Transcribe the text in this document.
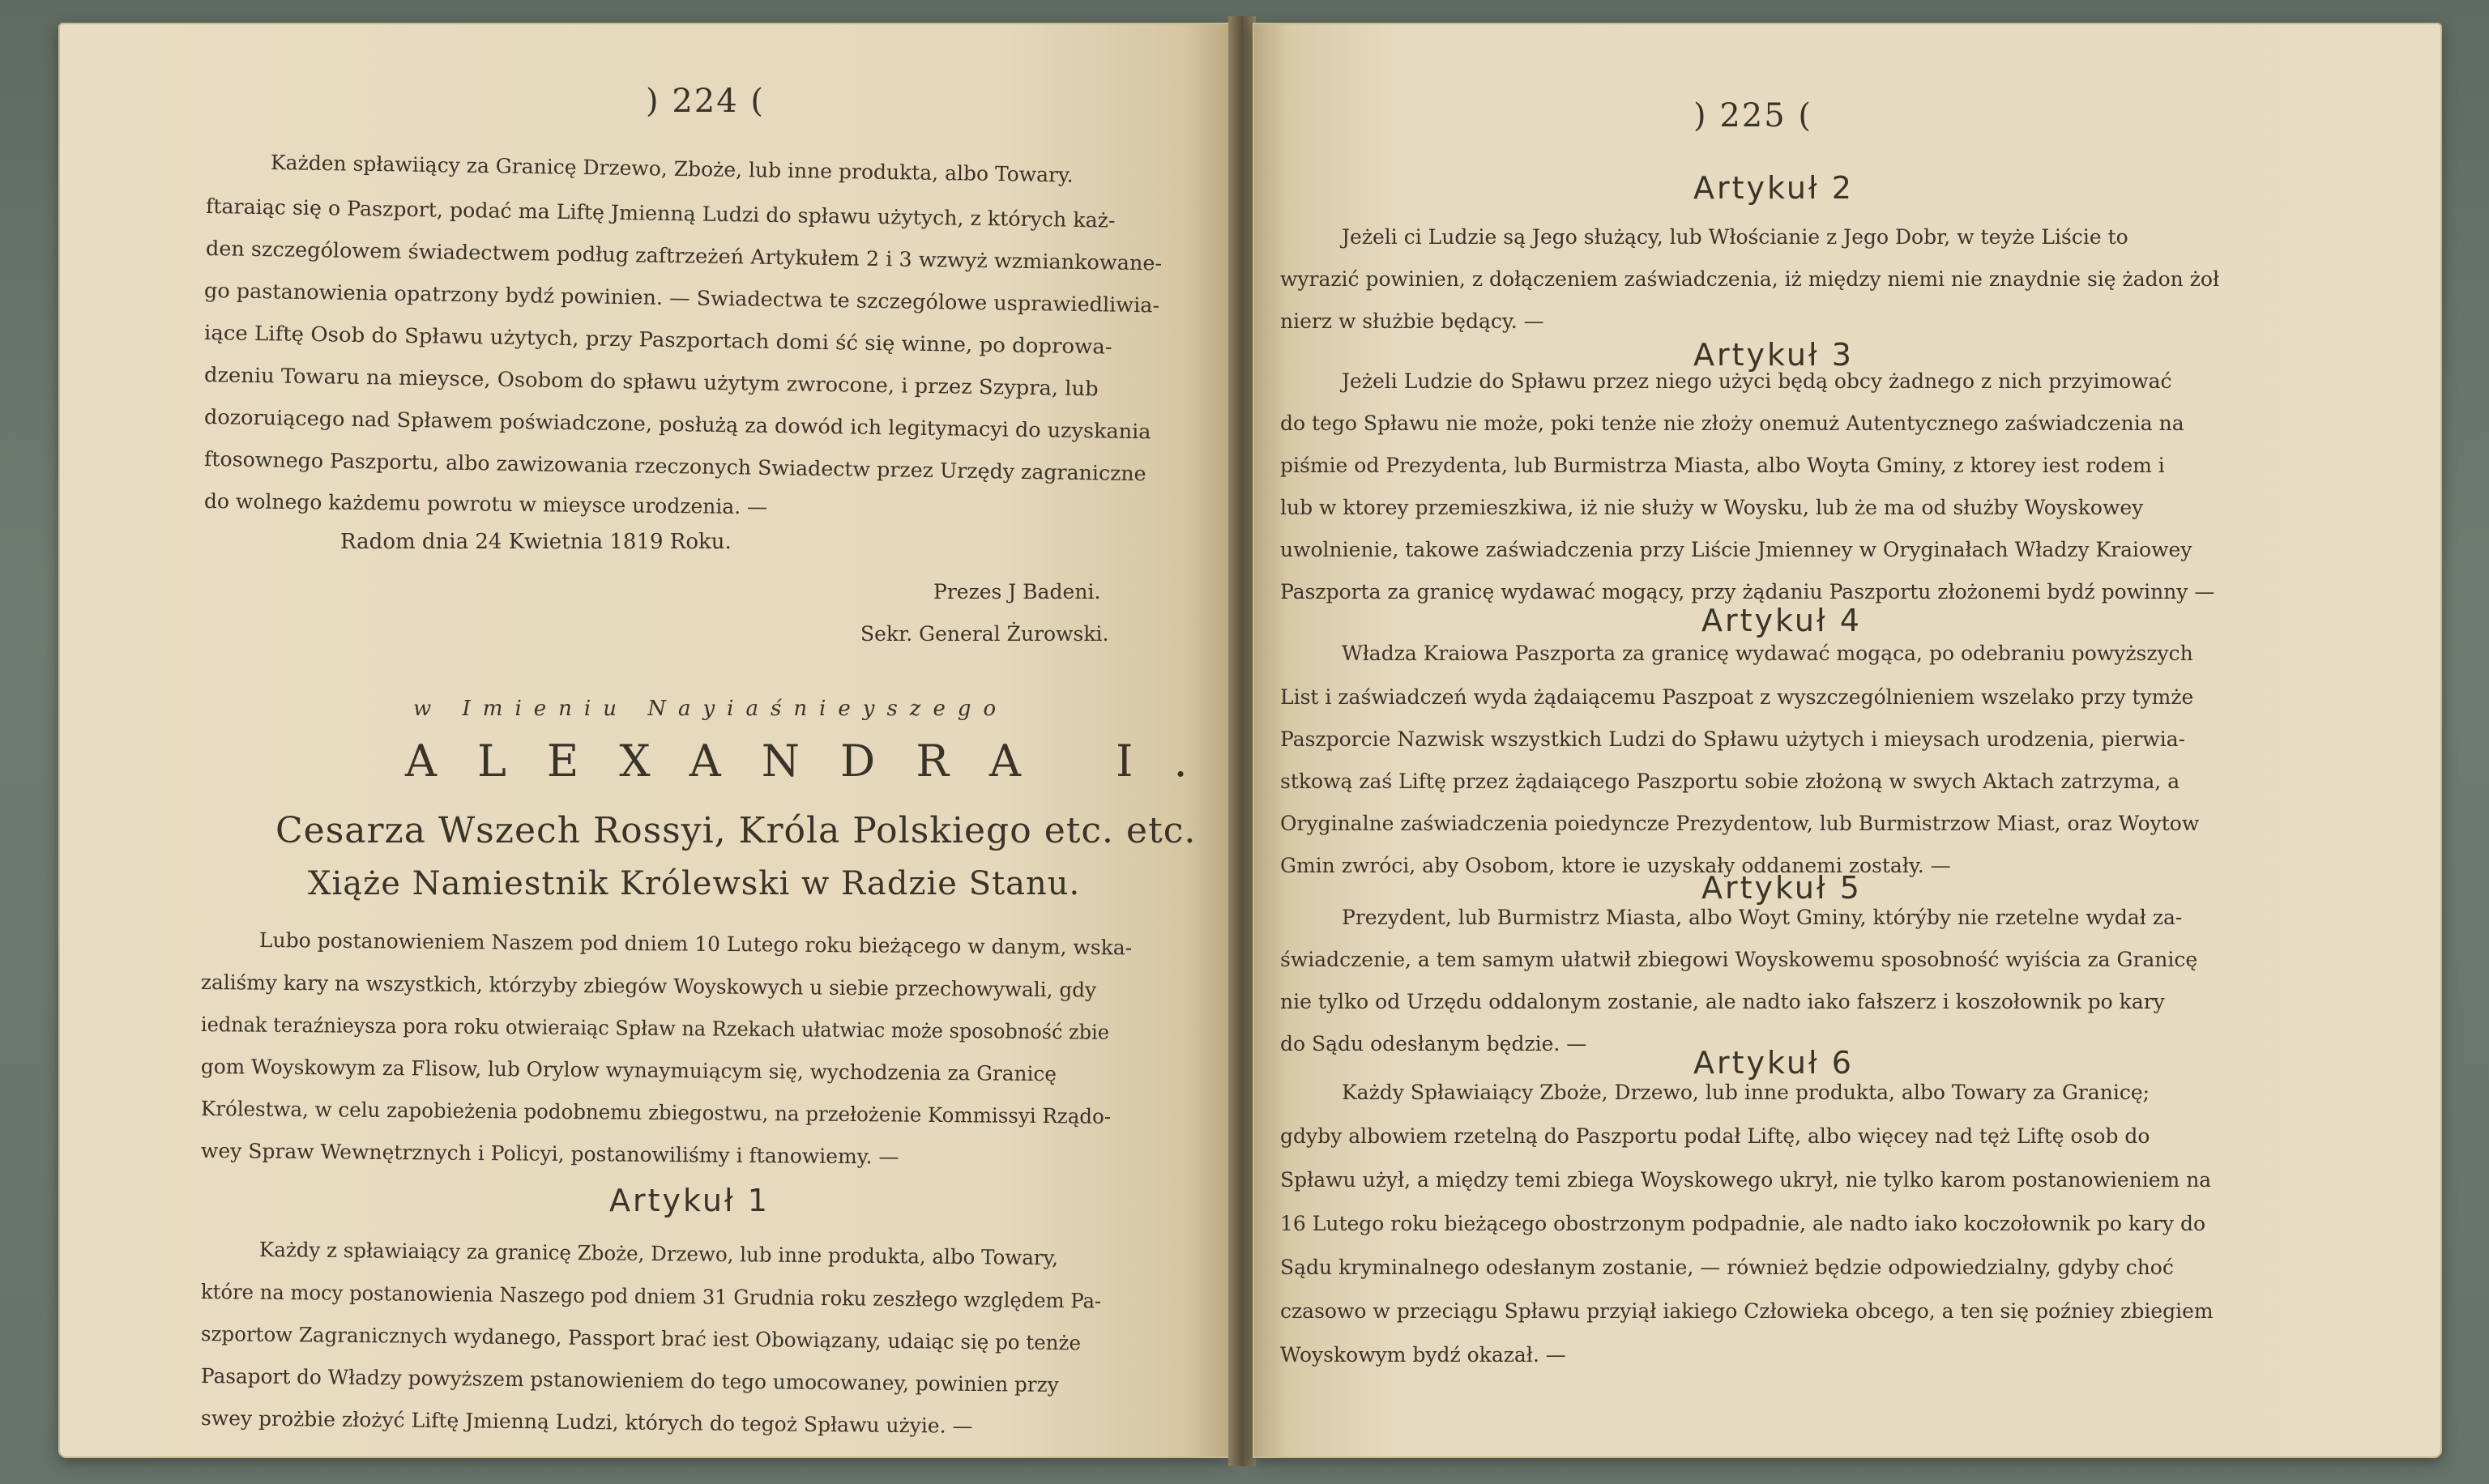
) 224 (
Każden spławiiący za Granicę Drzewo, Zboże, lub inne produkta, albo Towary.
ftaraiąc się o Paszport, podać ma Liftę Jmienną Ludzi do spławu użytych, z których każ-
den szczególowem świadectwem podług zaftrzeżeń Artykułem 2 i 3 wzwyż wzmiankowane-
go pastanowienia opatrzony bydź powinien. — Swiadectwa te szczególowe usprawiedliwia-
iące Liftę Osob do Spławu użytych, przy Paszportach domi ść się winne, po doprowa-
dzeniu Towaru na mieysce, Osobom do spławu użytym zwrocone, i przez Szypra, lub
dozoruiącego nad Spławem poświadczone, posłużą za dowód ich legitymacyi do uzyskania
ftosownego Paszportu, albo zawizowania rzeczonych Swiadectw przez Urzędy zagraniczne
do wolnego każdemu powrotu w mieysce urodzenia. —
Radom dnia 24 Kwietnia 1819 Roku.
Prezes J Badeni.
Sekr. General Żurowski.
w Imieniu Nayiaśnieyszego
ALEXANDRA I.
Cesarza Wszech Rossyi, Króla Polskiego etc. etc.
Xiąże Namiestnik Królewski w Radzie Stanu.
Lubo postanowieniem Naszem pod dniem 10 Lutego roku bieżącego w danym, wska-
zaliśmy kary na wszystkich, którzyby zbiegów Woyskowych u siebie przechowywali, gdy
iednak teraźnieysza pora roku otwieraiąc Spław na Rzekach ułatwiac może sposobność zbie
gom Woyskowym za Flisow, lub Orylow wynaymuiącym się, wychodzenia za Granicę
Królestwa, w celu zapobieżenia podobnemu zbiegostwu, na przełożenie Kommissyi Rządo-
wey Spraw Wewnętrznych i Policyi, postanowiliśmy i ftanowiemy. —
Artykuł 1
Każdy z spławiaiący za granicę Zboże, Drzewo, lub inne produkta, albo Towary,
które na mocy postanowienia Naszego pod dniem 31 Grudnia roku zeszłego względem Pa-
szportow Zagranicznych wydanego, Passport brać iest Obowiązany, udaiąc się po tenże
Pasaport do Władzy powyższem pstanowieniem do tego umocowaney, powinien przy
swey prożbie złożyć Liftę Jmienną Ludzi, których do tegoż Spławu użyie. —
) 225 (
Artykuł 2
Jeżeli ci Ludzie są Jego służący, lub Włościanie z Jego Dobr, w teyże Liście to
wyrazić powinien, z dołączeniem zaświadczenia, iż między niemi nie znaydnie się żadon żoł
nierz w służbie będący. —
Artykuł 3
Jeżeli Ludzie do Spławu przez niego użyci będą obcy żadnego z nich przyimować
do tego Spławu nie może, poki tenże nie złoży onemuż Autentycznego zaświadczenia na
piśmie od Prezydenta, lub Burmistrza Miasta, albo Woyta Gminy, z ktorey iest rodem i
lub w ktorey przemieszkiwa, iż nie służy w Woysku, lub że ma od służby Woyskowey
uwolnienie, takowe zaświadczenia przy Liście Jmienney w Oryginałach Władzy Kraiowey
Paszporta za granicę wydawać mogący, przy żądaniu Paszportu złożonemi bydź powinny —
Artykuł 4
Władza Kraiowa Paszporta za granicę wydawać mogąca, po odebraniu powyższych
List i zaświadczeń wyda żądaiącemu Paszpoat z wyszczególnieniem wszelako przy tymże
Paszporcie Nazwisk wszystkich Ludzi do Spławu użytych i mieysach urodzenia, pierwia-
stkową zaś Liftę przez żądaiącego Paszportu sobie złożoną w swych Aktach zatrzyma, a
Oryginalne zaświadczenia poiedyncze Prezydentow, lub Burmistrzow Miast, oraz Woytow
Gmin zwróci, aby Osobom, ktore ie uzyskały oddanemi zostały. —
Artykuł 5
Prezydent, lub Burmistrz Miasta, albo Woyt Gminy, którýby nie rzetelne wydał za-
świadczenie, a tem samym ułatwił zbiegowi Woyskowemu sposobność wyiścia za Granicę
nie tylko od Urzędu oddalonym zostanie, ale nadto iako fałszerz i koszołownik po kary
do Sądu odesłanym będzie. —
Artykuł 6
Każdy Spławiaiący Zboże, Drzewo, lub inne produkta, albo Towary za Granicę;
gdyby albowiem rzetelną do Paszportu podał Liftę, albo więcey nad tęż Liftę osob do
Spławu użył, a między temi zbiega Woyskowego ukrył, nie tylko karom postanowieniem na
16 Lutego roku bieżącego obostrzonym podpadnie, ale nadto iako koczołownik po kary do
Sądu kryminalnego odesłanym zostanie, — również będzie odpowiedzialny, gdyby choć
czasowo w przeciągu Spławu przyiął iakiego Człowieka obcego, a ten się poźniey zbiegiem
Woyskowym bydź okazał. —
